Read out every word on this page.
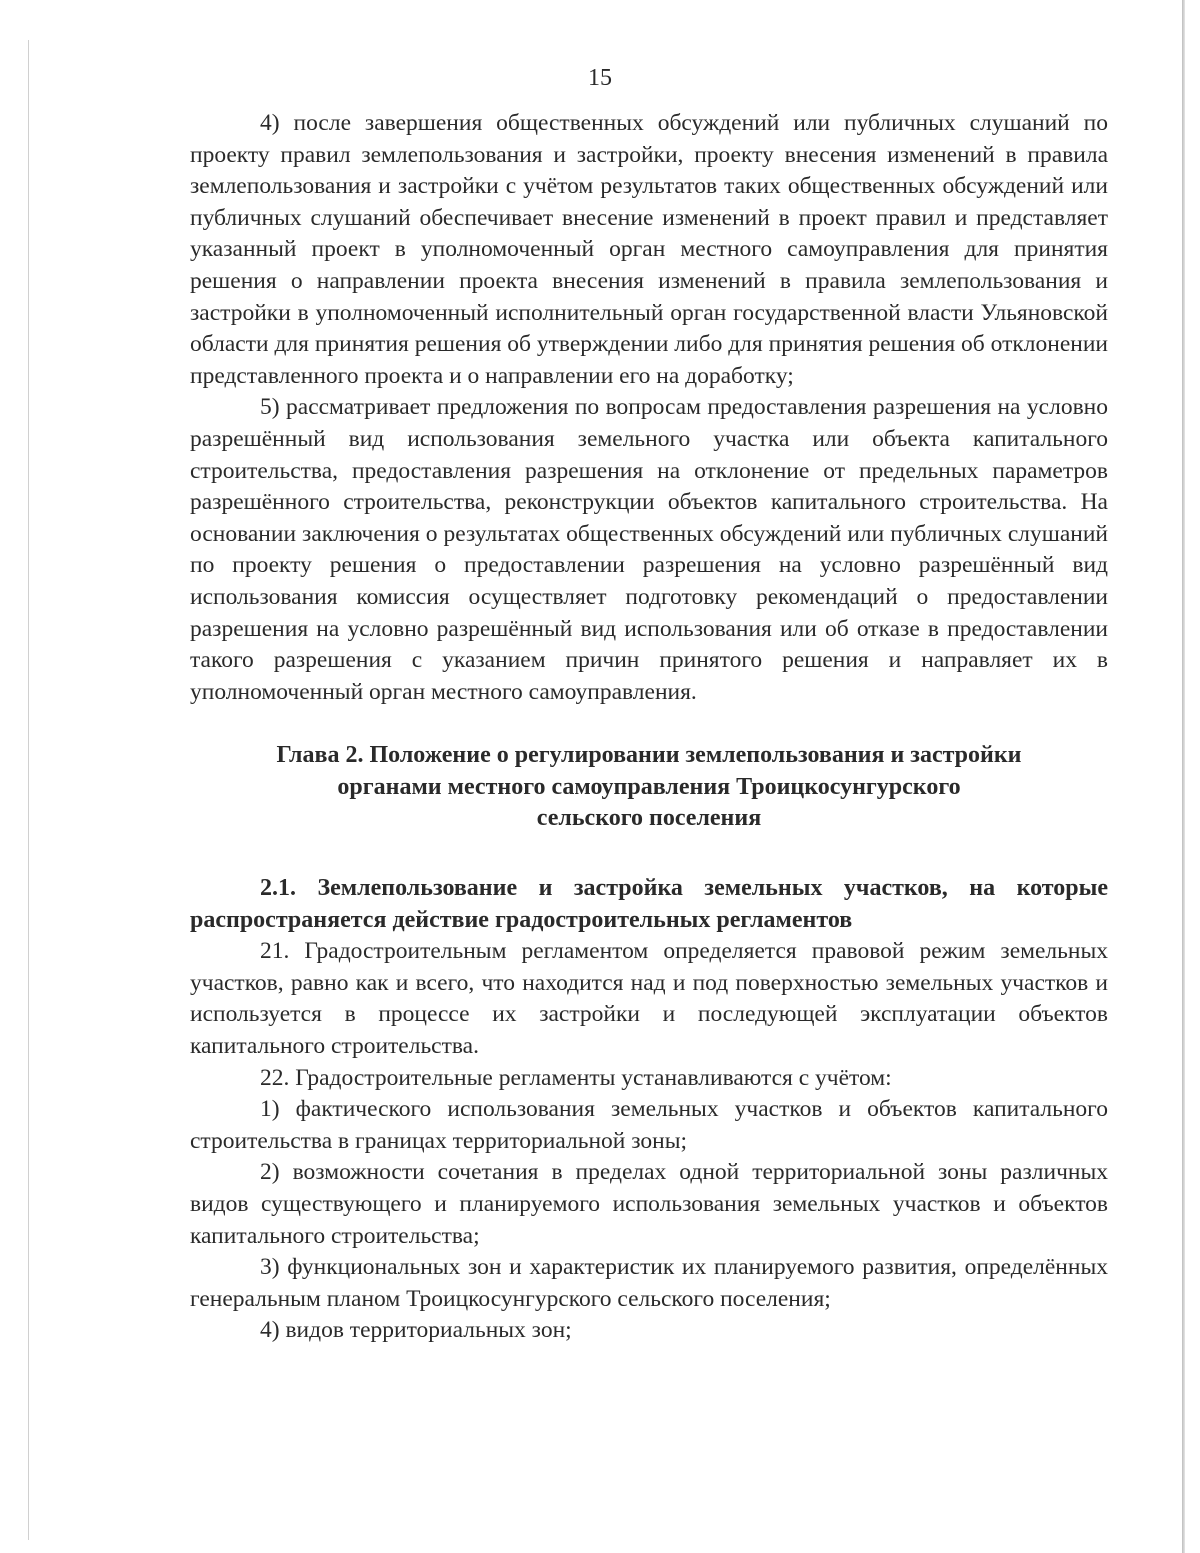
15

4) после завершения общественных обсуждений или публичных слушаний по проекту правил землепользования и застройки, проекту внесения изменений в правила землепользования и застройки с учётом результатов таких общественных обсуждений или публичных слушаний обеспечивает внесение изменений в проект правил и представляет указанный проект в уполномоченный орган местного самоуправления для принятия решения о направлении проекта внесения изменений в правила землепользования и застройки в уполномоченный исполнительный орган государственной власти Ульяновской области для принятия решения об утверждении либо для принятия решения об отклонении представленного проекта и о направлении его на доработку;

5) рассматривает предложения по вопросам предоставления разрешения на условно разрешённый вид использования земельного участка или объекта капитального строительства, предоставления разрешения на отклонение от предельных параметров разрешённого строительства, реконструкции объектов капитального строительства. На основании заключения о результатах общественных обсуждений или публичных слушаний по проекту решения о предоставлении разрешения на условно разрешённый вид использования комиссия осуществляет подготовку рекомендаций о предоставлении разрешения на условно разрешённый вид использования или об отказе в предоставлении такого разрешения с указанием причин принятого решения и направляет их в уполномоченный орган местного самоуправления.

Глава 2. Положение о регулировании землепользования и застройки
органами местного самоуправления Троицкосунгурского
сельского поселения
2.1. Землепользование и застройка земельных участков, на которые распространяется действие градостроительных регламентов

21. Градостроительным регламентом определяется правовой режим земельных участков, равно как и всего, что находится над и под поверхностью земельных участков и используется в процессе их застройки и последующей эксплуатации объектов капитального строительства.

22. Градостроительные регламенты устанавливаются с учётом:

1) фактического использования земельных участков и объектов капитального строительства в границах территориальной зоны;

2) возможности сочетания в пределах одной территориальной зоны различных видов существующего и планируемого использования земельных участков и объектов капитального строительства;

3) функциональных зон и характеристик их планируемого развития, определённых генеральным планом Троицкосунгурского сельского поселения;

4) видов территориальных зон;
